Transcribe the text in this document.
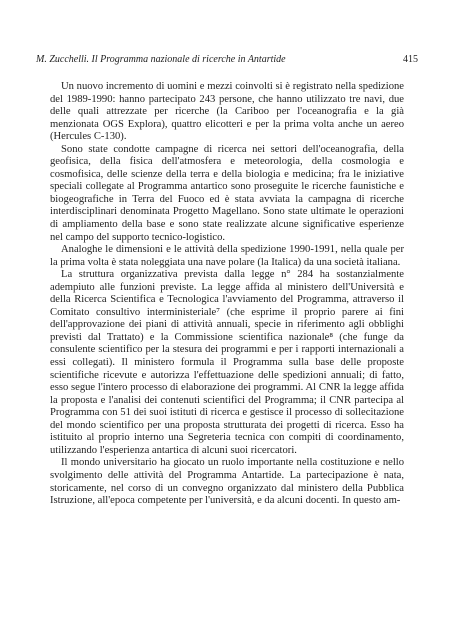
M. Zucchelli. Il Programma nazionale di ricerche in Antartide	415

Un nuovo incremento di uomini e mezzi coinvolti si è registrato nella spedizione del 1989-1990: hanno partecipato 243 persone, che hanno utilizzato tre navi, due delle quali attrezzate per ricerche (la Cariboo per l'oceanografia e la già menzionata OGS Explora), quattro elicotteri e per la prima volta anche un aereo (Hercules C-130).

Sono state condotte campagne di ricerca nei settori dell'oceanografia, della geofisica, della fisica dell'atmosfera e meteorologia, della cosmologia e cosmofisica, delle scienze della terra e della biologia e medicina; fra le iniziative speciali collegate al Programma antartico sono proseguite le ricerche faunistiche e biogeografiche in Terra del Fuoco ed è stata avviata la campagna di ricerche interdisciplinari denominata Progetto Magellano. Sono state ultimate le operazioni di ampliamento della base e sono state realizzate alcune significative esperienze nel campo del supporto tecnico-logistico.

Analoghe le dimensioni e le attività della spedizione 1990-1991, nella quale per la prima volta è stata noleggiata una nave polare (la Italica) da una società italiana.

La struttura organizzativa prevista dalla legge n° 284 ha sostanzialmente adempiuto alle funzioni previste. La legge affida al ministero dell'Università e della Ricerca Scientifica e Tecnologica l'avviamento del Programma, attraverso il Comitato consultivo interministeriale⁷ (che esprime il proprio parere ai fini dell'approvazione dei piani di attività annuali, specie in riferimento agli obblighi previsti dal Trattato) e la Commissione scientifica nazionale⁸ (che funge da consulente scientifico per la stesura dei programmi e per i rapporti internazionali a essi collegati). Il ministero formula il Programma sulla base delle proposte scientifiche ricevute e autorizza l'effettuazione delle spedizioni annuali; di fatto, esso segue l'intero processo di elaborazione dei programmi. Al CNR la legge affida la proposta e l'analisi dei contenuti scientifici del Programma; il CNR partecipa al Programma con 51 dei suoi istituti di ricerca e gestisce il processo di sollecitazione del mondo scientifico per una proposta strutturata dei progetti di ricerca. Esso ha istituito al proprio interno una Segreteria tecnica con compiti di coordinamento, utilizzando l'esperienza antartica di alcuni suoi ricercatori.

Il mondo universitario ha giocato un ruolo importante nella costituzione e nello svolgimento delle attività del Programma Antartide. La partecipazione è nata, storicamente, nel corso di un convegno organizzato dal ministero della Pubblica Istruzione, all'epoca competente per l'università, e da alcuni docenti. In questo am-
